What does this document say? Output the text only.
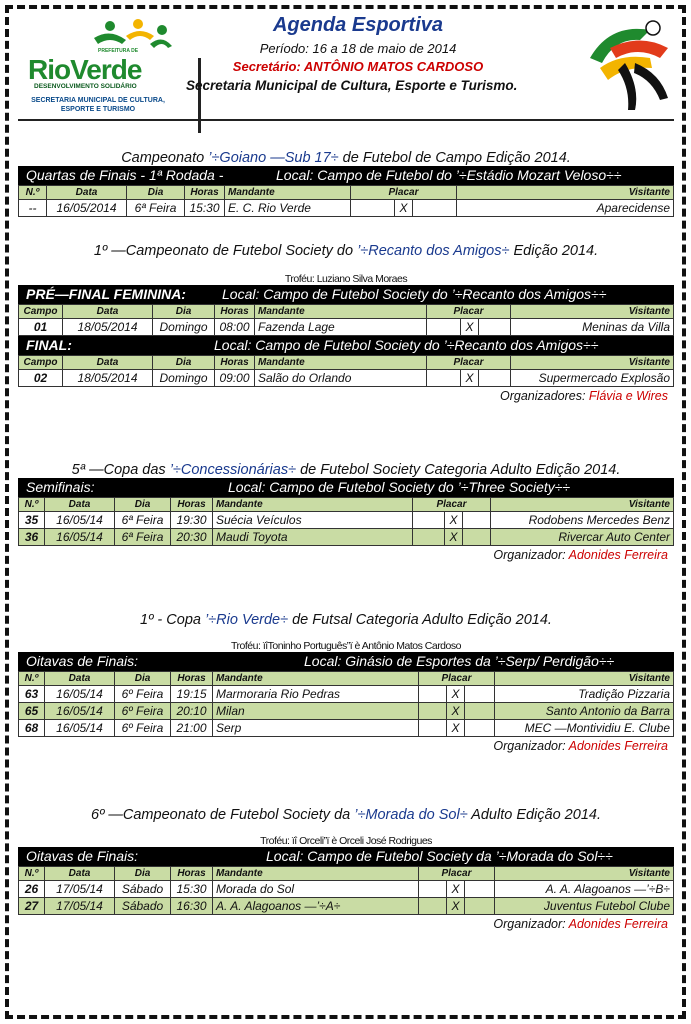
PREFEITURA DE
RioVerde
DESENVOLVIMENTO SOLIDÁRIO
SECRETARIA MUNICIPAL DE CULTURA, ESPORTE E TURISMO
Agenda Esportiva
Período: 16 a 18 de maio de 2014
Secretário: ANTÔNIO MATOS CARDOSO
Secretaria Municipal de Cultura, Esporte e Turismo.
Campeonato ’÷Goiano —Sub 17÷ de Futebol de Campo Edição 2014.
Quartas de Finais - 1ª Rodada -	Local: Campo de Futebol do ’÷Estádio Mozart Veloso÷÷
N.º	Data	Dia	Horas	Mandante	Placar			Visitante
--	16/05/2014	6ª Feira	15:30	E. C. Rio Verde		X		Aparecidense
1º —Campeonato de Futebol Society do ’÷Recanto dos Amigos÷ Edição 2014.
Troféu: Luziano Silva Moraes
PRÉ—FINAL FEMININA:	Local: Campo de Futebol Society do ’÷Recanto dos Amigos÷÷
Campo	Data	Dia	Horas	Mandante	Placar			Visitante
01	18/05/2014	Domingo	08:00	Fazenda Lage		X		Meninas da Villa
FINAL:	Local: Campo de Futebol Society do ’÷Recanto dos Amigos÷÷
Campo	Data	Dia	Horas	Mandante	Placar			Visitante
02	18/05/2014	Domingo	09:00	Salão do Orlando		X		Supermercado Explosão
Organizadores: Flávia e Wires
5ª —Copa das ’÷Concessionárias÷ de Futebol Society Categoria Adulto Edição 2014.
Semifinais:	Local: Campo de Futebol Society do ’÷Three Society÷÷
N.º	Data	Dia	Horas	Mandante	Placar			Visitante
35	16/05/14	6ª Feira	19:30	Suécia Veículos		X		Rodobens Mercedes Benz
36	16/05/14	6ª Feira	20:30	Maudi Toyota		X		Rivercar Auto Center
Organizador: Adonides Ferreira
1º - Copa ’÷Rio Verde÷ de Futsal Categoria Adulto Edição 2014.
Troféu: ïîToninho Português”ï è Antônio Matos Cardoso
Oitavas de Finais:	Local: Ginásio de Esportes da ’÷Serp/ Perdigão÷÷
N.º	Data	Dia	Horas	Mandante	Placar			Visitante
63	16/05/14	6º Feira	19:15	Marmoraria Rio Pedras		X		Tradição Pizzaria
65	16/05/14	6º Feira	20:10	Milan		X		Santo Antonio da Barra
68	16/05/14	6º Feira	21:00	Serp		X		MEC —Montividiu E. Clube
Organizador: Adonides Ferreira
6º —Campeonato de Futebol Society da ’÷Morada do Sol÷ Adulto Edição 2014.
Troféu: ïî Orceli”ï è Orceli José Rodrigues
Oitavas de Finais:	Local: Campo de Futebol Society da ’÷Morada do Sol÷÷
N.º	Data	Dia	Horas	Mandante	Placar			Visitante
26	17/05/14	Sábado	15:30	Morada do Sol		X		A. A. Alagoanos —’÷B÷
27	17/05/14	Sábado	16:30	A. A. Alagoanos —’÷A÷		X		Juventus Futebol Clube
Organizador: Adonides Ferreira
